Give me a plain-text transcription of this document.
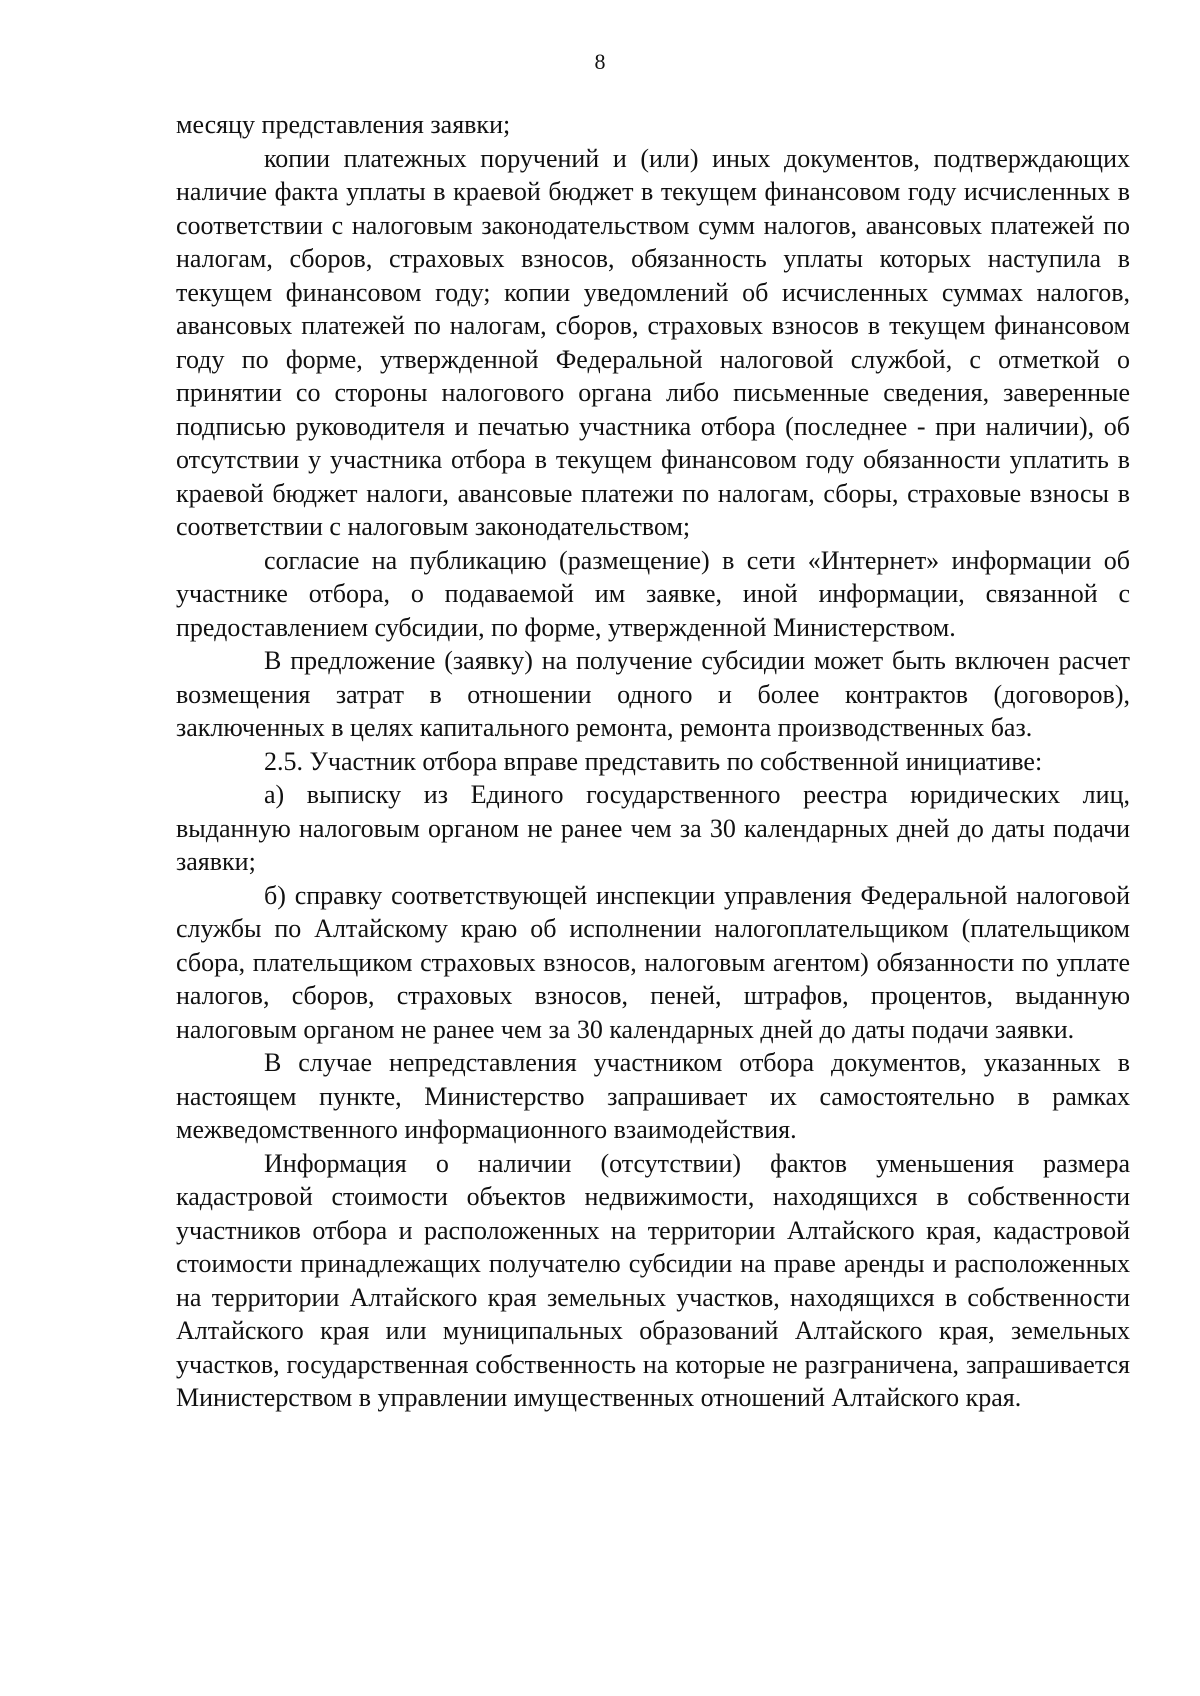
8

месяцу представления заявки;

копии платежных поручений и (или) иных документов, подтверждающих наличие факта уплаты в краевой бюджет в текущем финансовом году исчисленных в соответствии с налоговым законодательством сумм налогов, авансовых платежей по налогам, сборов, страховых взносов, обязанность уплаты которых наступила в текущем финансовом году; копии уведомлений об исчисленных суммах налогов, авансовых платежей по налогам, сборов, страховых взносов в текущем финансовом году по форме, утвержденной Федеральной налоговой службой, с отметкой о принятии со стороны налогового органа либо письменные сведения, заверенные подписью руководителя и печатью участника отбора (последнее - при наличии), об отсутствии у участника отбора в текущем финансовом году обязанности уплатить в краевой бюджет налоги, авансовые платежи по налогам, сборы, страховые взносы в соответствии с налоговым законодательством;

согласие на публикацию (размещение) в сети «Интернет» информации об участнике отбора, о подаваемой им заявке, иной информации, связанной с предоставлением субсидии, по форме, утвержденной Министерством.

В предложение (заявку) на получение субсидии может быть включен расчет возмещения затрат в отношении одного и более контрактов (договоров), заключенных в целях капитального ремонта, ремонта производственных баз.

2.5. Участник отбора вправе представить по собственной инициативе:

а) выписку из Единого государственного реестра юридических лиц, выданную налоговым органом не ранее чем за 30 календарных дней до даты подачи заявки;

б) справку соответствующей инспекции управления Федеральной налоговой службы по Алтайскому краю об исполнении налогоплательщиком (плательщиком сбора, плательщиком страховых взносов, налоговым агентом) обязанности по уплате налогов, сборов, страховых взносов, пеней, штрафов, процентов, выданную налоговым органом не ранее чем за 30 календарных дней до даты подачи заявки.

В случае непредставления участником отбора документов, указанных в настоящем пункте, Министерство запрашивает их самостоятельно в рамках межведомственного информационного взаимодействия.

Информация о наличии (отсутствии) фактов уменьшения размера кадастровой стоимости объектов недвижимости, находящихся в собственности участников отбора и расположенных на территории Алтайского края, кадастровой стоимости принадлежащих получателю субсидии на праве аренды и расположенных на территории Алтайского края земельных участков, находящихся в собственности Алтайского края или муниципальных образований Алтайского края, земельных участков, государственная собственность на которые не разграничена, запрашивается Министерством в управлении имущественных отношений Алтайского края.
